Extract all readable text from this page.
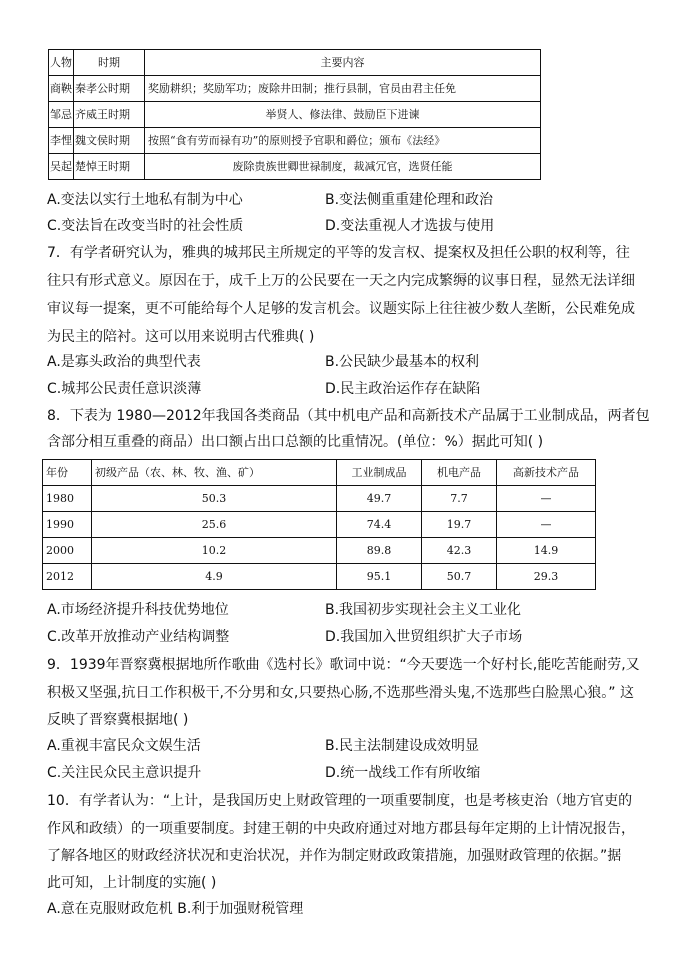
人物	时期	主要内容
商鞅	秦孝公时期	奖励耕织；奖励军功；废除井田制；推行县制，官员由君主任免
邹忌	齐威王时期	举贤人、修法律、鼓励臣下进谏
李悝	魏文侯时期	按照“食有劳而禄有功”的原则授予官职和爵位；颁布《法经》
吴起	楚悼王时期	废除贵族世卿世禄制度，裁减冗官，选贤任能
A.变法以实行土地私有制为中心	B.变法侧重重建伦理和政治
C.变法旨在改变当时的社会性质	D.变法重视人才选拔与使用
7．有学者研究认为，雅典的城邦民主所规定的平等的发言权、提案权及担任公职的权利等，往
往只有形式意义。原因在于，成千上万的公民要在一天之内完成繁缛的议事日程，显然无法详细
审议每一提案，更不可能给每个人足够的发言机会。议题实际上往往被少数人垄断，公民难免成
为民主的陪衬。这可以用来说明古代雅典( )
A.是寡头政治的典型代表	B.公民缺少最基本的权利
C.城邦公民责任意识淡薄	D.民主政治运作存在缺陷
8．下表为 1980—2012年我国各类商品（其中机电产品和高新技术产品属于工业制成品，两者包
含部分相互重叠的商品）出口额占出口总额的比重情况。(单位：%）据此可知( )
年份	初级产品（农、林、牧、渔、矿）	工业制成品	机电产品	高新技术产品
1980	50.3	49.7	7.7	—
1990	25.6	74.4	19.7	—
2000	10.2	89.8	42.3	14.9
2012	4.9	95.1	50.7	29.3
A.市场经济提升科技优势地位	B.我国初步实现社会主义工业化
C.改革开放推动产业结构调整	D.我国加入世贸组织扩大子市场
9．1939年晋察冀根据地所作歌曲《选村长》歌词中说：“今天要选一个好村长,能吃苦能耐劳,又
积极又坚强,抗日工作积极干,不分男和女,只要热心肠,不选那些滑头鬼,不选那些白脸黑心狼。” 这
反映了晋察冀根据地( )
A.重视丰富民众文娱生活	B.民主法制建设成效明显
C.关注民众民主意识提升	D.统一战线工作有所收缩
10．有学者认为：“上计，是我国历史上财政管理的一项重要制度，也是考核吏治（地方官吏的
作风和政绩）的一项重要制度。封建王朝的中央政府通过对地方郡县每年定期的上计情况报告，
了解各地区的财政经济状况和吏治状况，并作为制定财政政策措施，加强财政管理的依据。”据
此可知，上计制度的实施( )
A.意在克服财政危机 B.利于加强财税管理
